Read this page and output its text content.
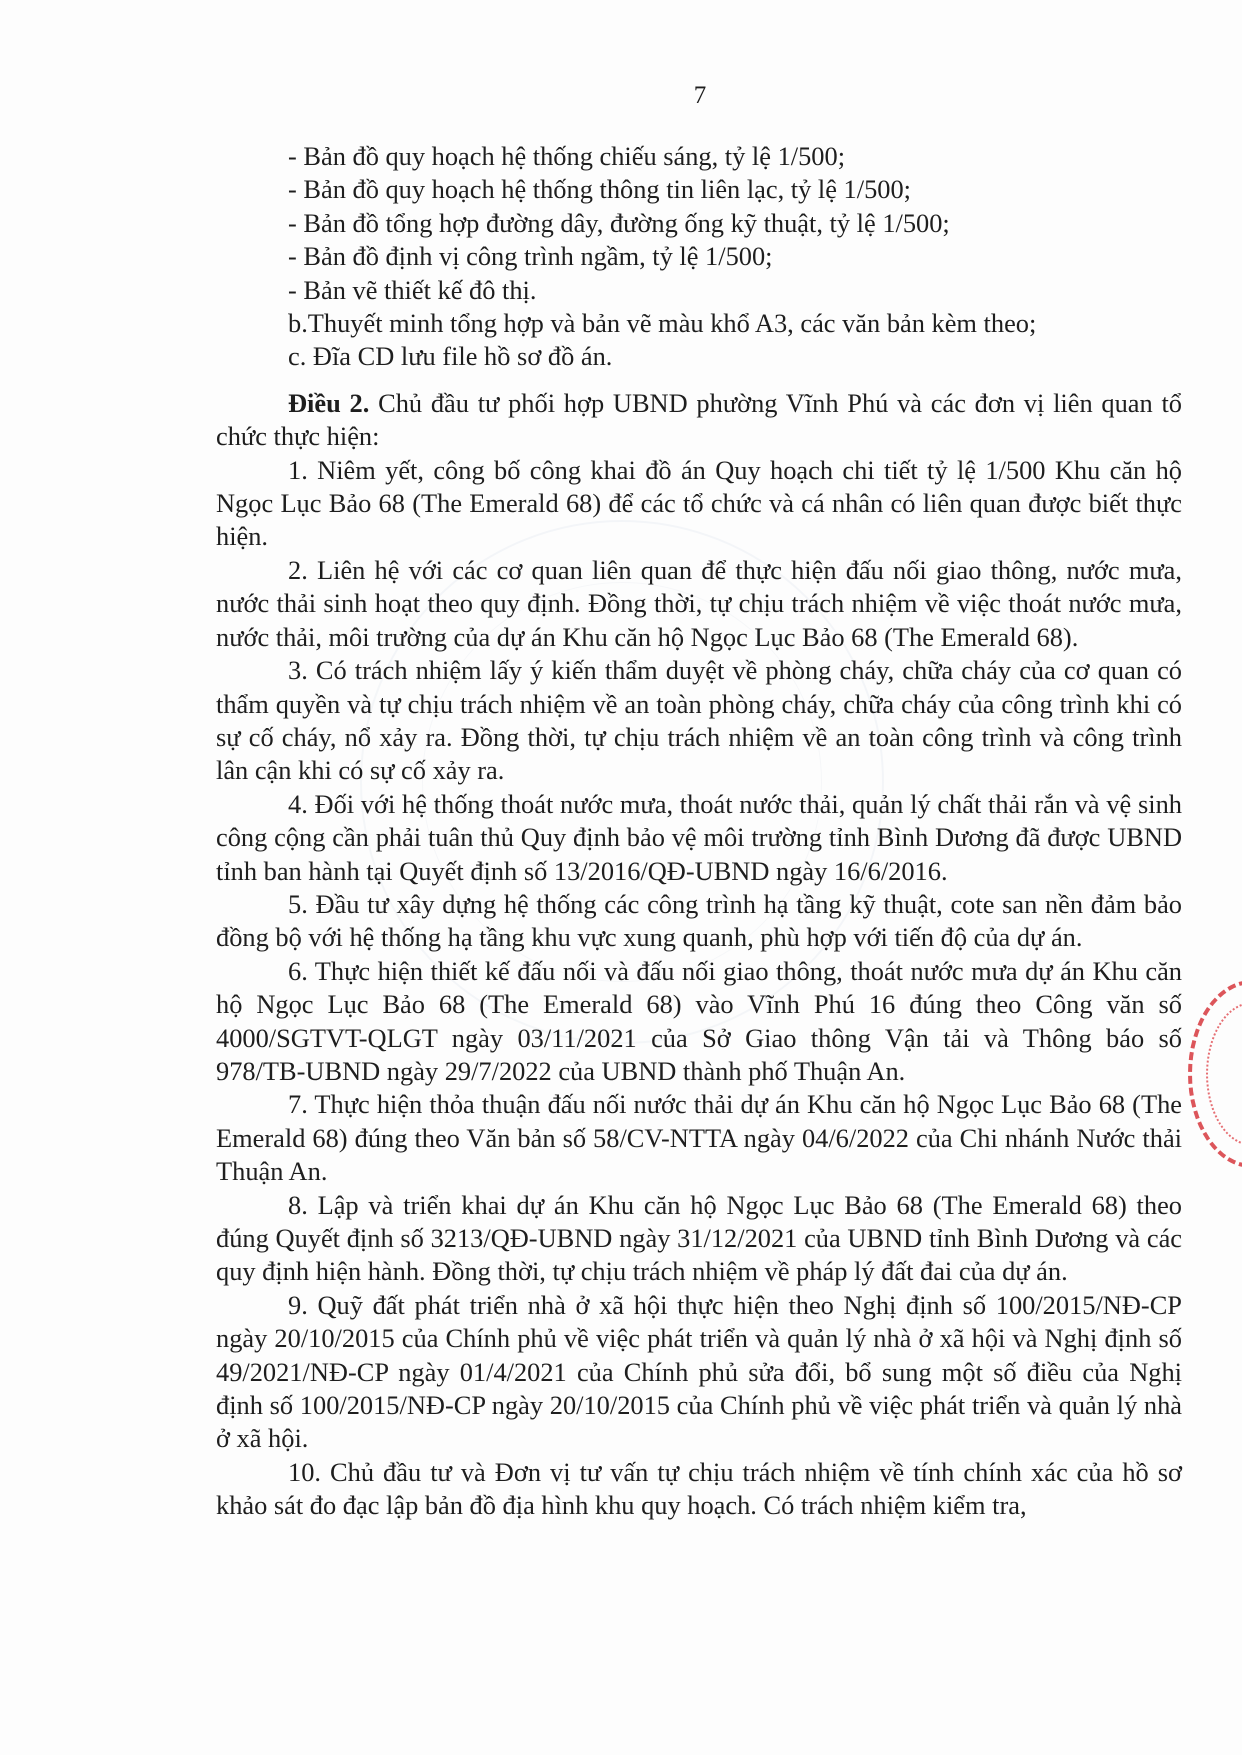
7

- Bản đồ quy hoạch hệ thống chiếu sáng, tỷ lệ 1/500;

- Bản đồ quy hoạch hệ thống thông tin liên lạc, tỷ lệ 1/500;

- Bản đồ tổng hợp đường dây, đường ống kỹ thuật, tỷ lệ 1/500;

- Bản đồ định vị công trình ngầm, tỷ lệ 1/500;

- Bản vẽ thiết kế đô thị.

b.Thuyết minh tổng hợp và bản vẽ màu khổ A3, các văn bản kèm theo;

c. Đĩa CD lưu file hồ sơ đồ án.

Điều 2. Chủ đầu tư phối hợp UBND phường Vĩnh Phú và các đơn vị liên quan tổ chức thực hiện:

1. Niêm yết, công bố công khai đồ án Quy hoạch chi tiết tỷ lệ 1/500 Khu căn hộ Ngọc Lục Bảo 68 (The Emerald 68) để các tổ chức và cá nhân có liên quan được biết thực hiện.

2. Liên hệ với các cơ quan liên quan để thực hiện đấu nối giao thông, nước mưa, nước thải sinh hoạt theo quy định. Đồng thời, tự chịu trách nhiệm về việc thoát nước mưa, nước thải, môi trường của dự án Khu căn hộ Ngọc Lục Bảo 68 (The Emerald 68).

3. Có trách nhiệm lấy ý kiến thẩm duyệt về phòng cháy, chữa cháy của cơ quan có thẩm quyền và tự chịu trách nhiệm về an toàn phòng cháy, chữa cháy của công trình khi có sự cố cháy, nổ xảy ra. Đồng thời, tự chịu trách nhiệm về an toàn công trình và công trình lân cận khi có sự cố xảy ra.

4. Đối với hệ thống thoát nước mưa, thoát nước thải, quản lý chất thải rắn và vệ sinh công cộng cần phải tuân thủ Quy định bảo vệ môi trường tỉnh Bình Dương đã được UBND tỉnh ban hành tại Quyết định số 13/2016/QĐ-UBND ngày 16/6/2016.

5. Đầu tư xây dựng hệ thống các công trình hạ tầng kỹ thuật, cote san nền đảm bảo đồng bộ với hệ thống hạ tầng khu vực xung quanh, phù hợp với tiến độ của dự án.

6. Thực hiện thiết kế đấu nối và đấu nối giao thông, thoát nước mưa dự án Khu căn hộ Ngọc Lục Bảo 68 (The Emerald 68) vào Vĩnh Phú 16 đúng theo Công văn số 4000/SGTVT-QLGT ngày 03/11/2021 của Sở Giao thông Vận tải và Thông báo số 978/TB-UBND ngày 29/7/2022 của UBND thành phố Thuận An.

7. Thực hiện thỏa thuận đấu nối nước thải dự án Khu căn hộ Ngọc Lục Bảo 68 (The Emerald 68) đúng theo Văn bản số 58/CV-NTTA ngày 04/6/2022 của Chi nhánh Nước thải Thuận An.

8. Lập và triển khai dự án Khu căn hộ Ngọc Lục Bảo 68 (The Emerald 68) theo đúng Quyết định số 3213/QĐ-UBND ngày 31/12/2021 của UBND tỉnh Bình Dương và các quy định hiện hành. Đồng thời, tự chịu trách nhiệm về pháp lý đất đai của dự án.

9. Quỹ đất phát triển nhà ở xã hội thực hiện theo Nghị định số 100/2015/NĐ-CP ngày 20/10/2015 của Chính phủ về việc phát triển và quản lý nhà ở xã hội và Nghị định số 49/2021/NĐ-CP ngày 01/4/2021 của Chính phủ sửa đổi, bổ sung một số điều của Nghị định số 100/2015/NĐ-CP ngày 20/10/2015 của Chính phủ về việc phát triển và quản lý nhà ở xã hội.

10. Chủ đầu tư và Đơn vị tư vấn tự chịu trách nhiệm về tính chính xác của hồ sơ khảo sát đo đạc lập bản đồ địa hình khu quy hoạch. Có trách nhiệm kiểm tra,
